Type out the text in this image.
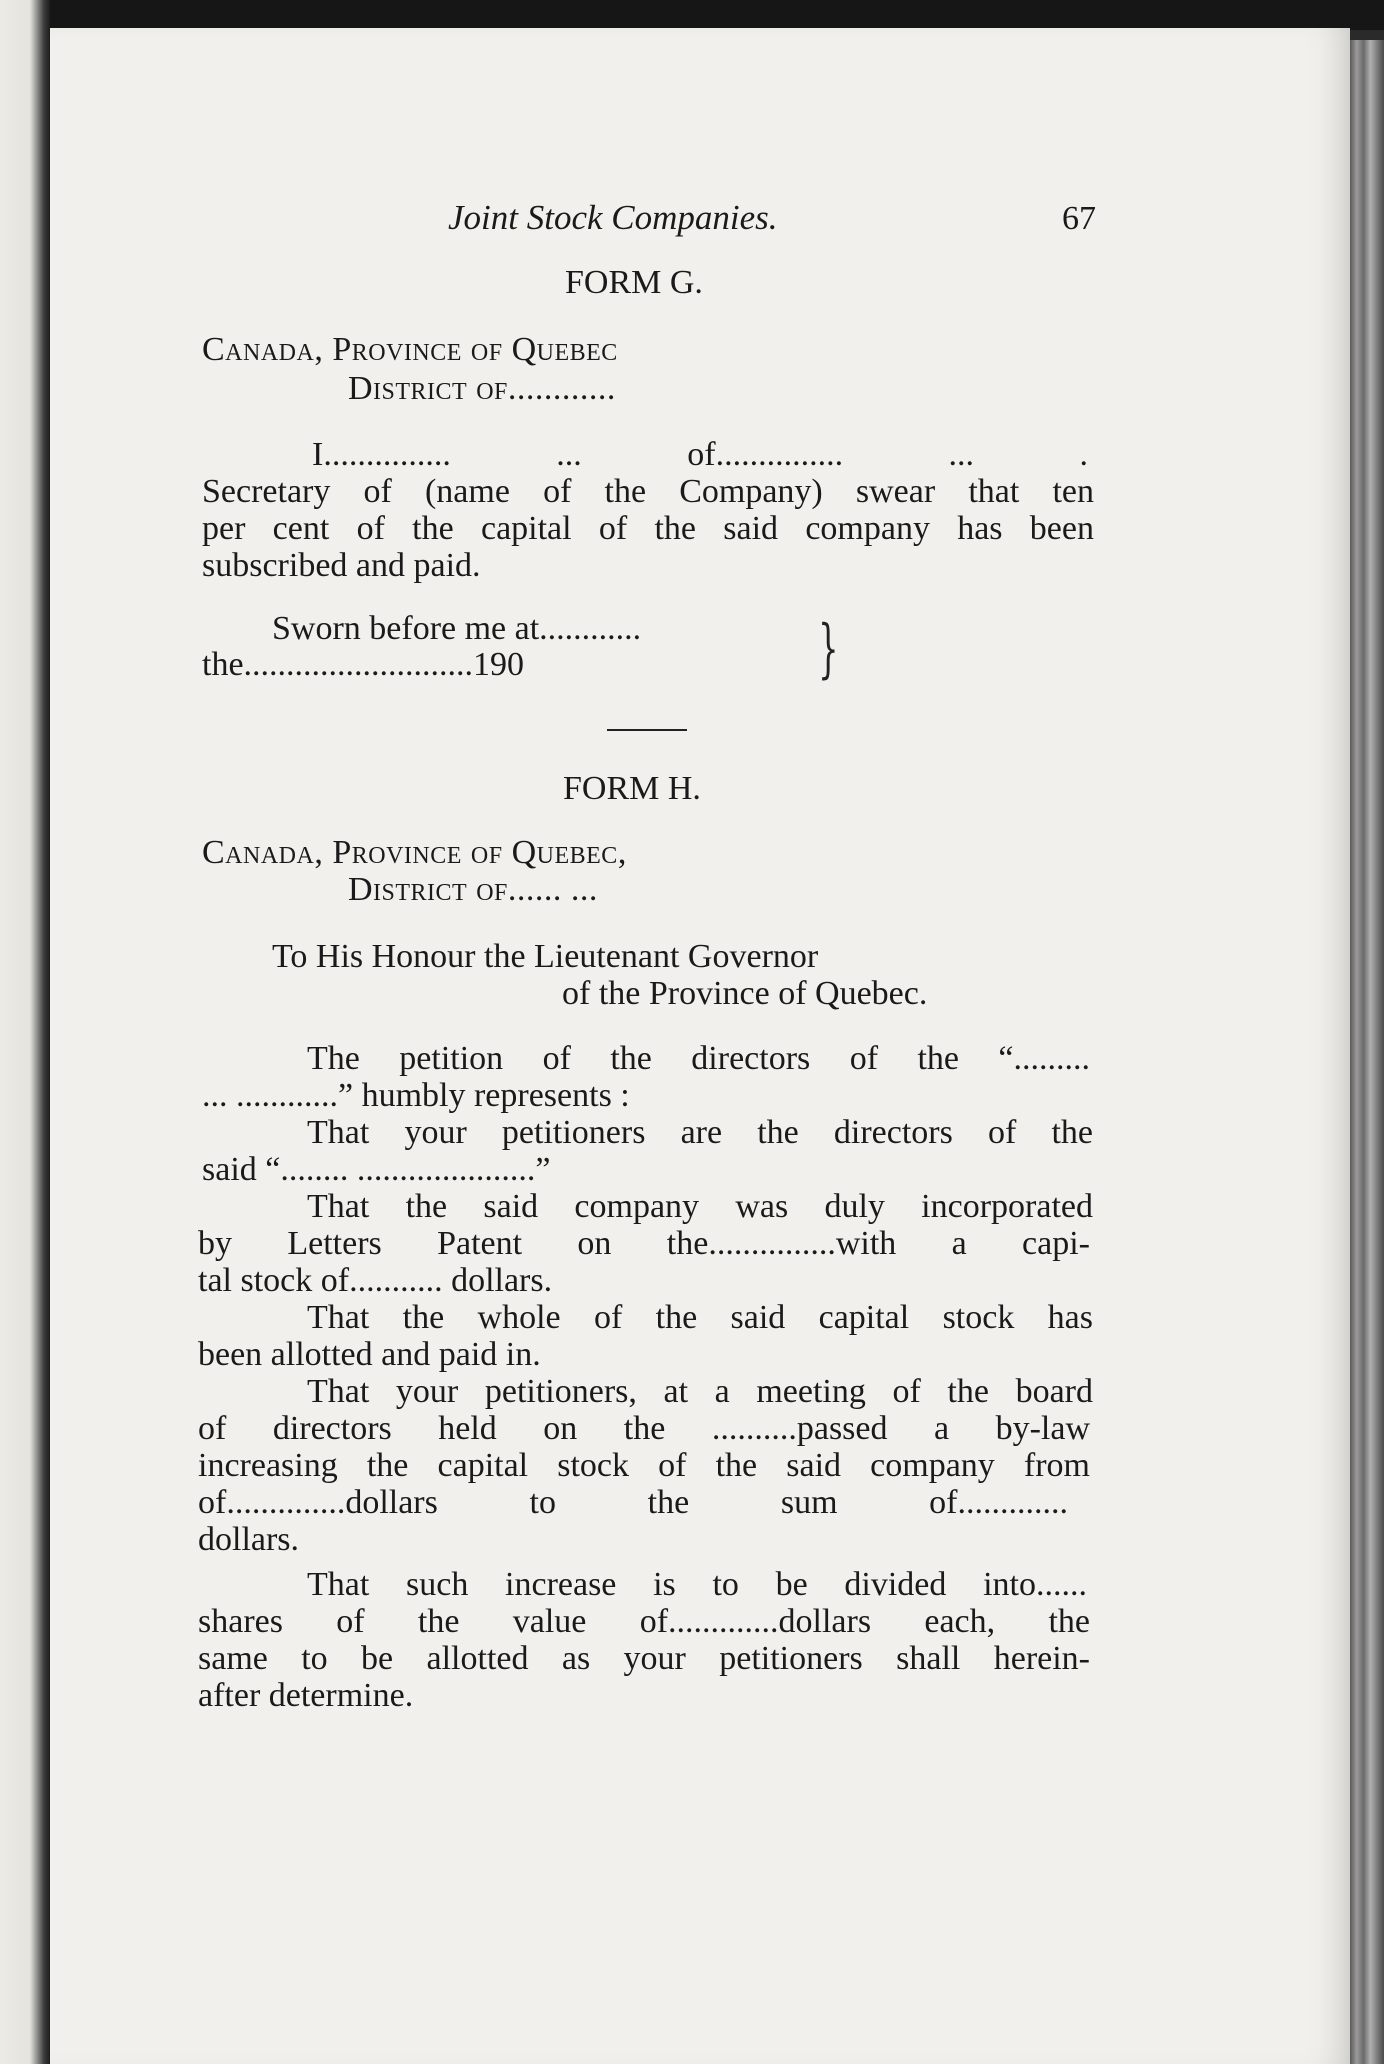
Joint Stock Companies.	67
FORM G.
Canada, Province of Quebec
District of............
I............... ... of............... ... .
Secretary of (name of the Company) swear that ten
per cent of the capital of the said company has been
subscribed and paid.
Sworn before me at............
the...........................190	}
FORM H.
Canada, Province of Quebec,
District of...... ...
To His Honour the Lieutenant Governor
of the Province of Quebec.
The petition of the directors of the “.........
... ............” humbly represents :
That your petitioners are the directors of the
said “........ .....................”
That the said company was duly incorporated
by Letters Patent on the...............with a capi-
tal stock of........... dollars.
That the whole of the said capital stock has
been allotted and paid in.
That your petitioners, at a meeting of the board
of directors held on the ..........passed a by-law
increasing the capital stock of the said company from
of..............dollars to the sum of.............
dollars.
That such increase is to be divided into......
shares of the value of.............dollars each, the
same to be allotted as your petitioners shall herein-
after determine.
